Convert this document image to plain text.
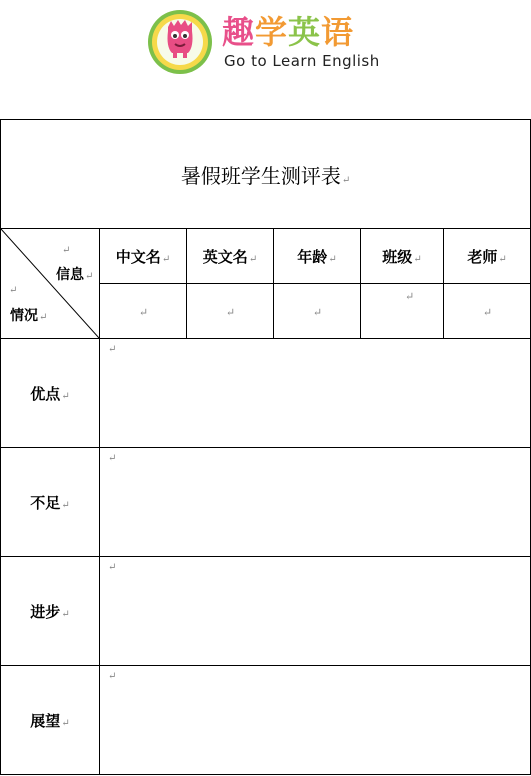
趣学英语
Go to Learn English
暑假班学生测评表↵					

↵
信息↵
↵
情况↵	中文名↵	英文名↵	年龄↵	班级↵	老师↵
	↵	↵	↵	↵	↵
优点↵	↵				

不足↵	↵				

进步↵	↵				

展望↵	↵				
